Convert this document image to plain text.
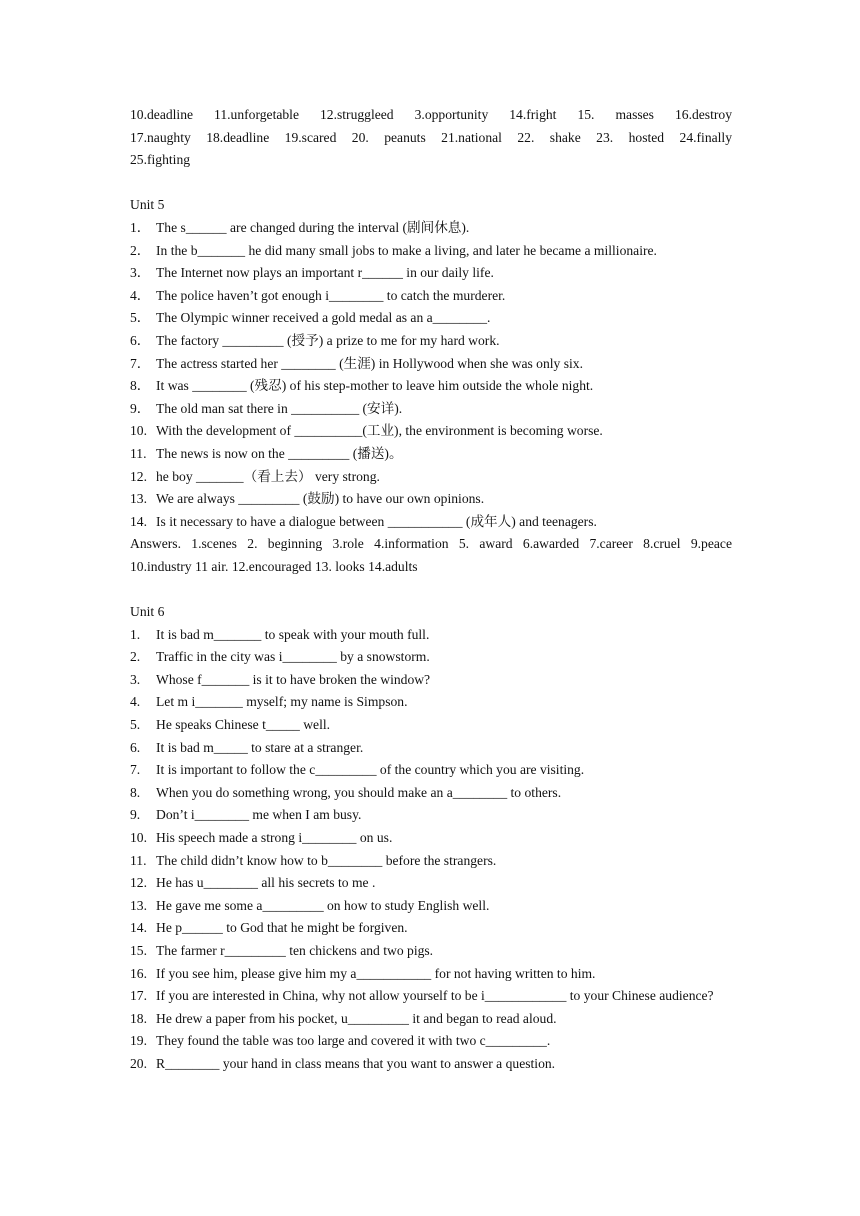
10.deadline 11.unforgetable 12.struggleed 3.opportunity 14.fright 15. masses 16.destroy
17.naughty 18.deadline 19.scared 20. peanuts 21.national 22. shake 23. hosted 24.finally
25.fighting
Unit 5
1． The s______ are changed during the interval (剧间休息).
2． In the b_______ he did many small jobs to make a living, and later he became a millionaire.
3． The Internet now plays an important r______ in our daily life.
4． The police haven’t got enough i________ to catch the murderer.
5． The Olympic winner received a gold medal as an a________.
6． The factory _________ (授予) a prize to me for my hard work.
7． The actress started her ________ (生涯) in Hollywood when she was only six.
8． It was ________ (残忍) of his step-mother to leave him outside the whole night.
9． The old man sat there in __________ (安详).
10. With the development of __________(工业), the environment is becoming worse.
11. The news is now on the _________ (播送)。
12. he boy _______（看上去） very strong.
13. We are always _________ (鼓励) to have our own opinions.
14. Is it necessary to have a dialogue between ___________ (成年人) and teenagers.
Answers. 1.scenes 2. beginning 3.role 4.information 5. award 6.awarded 7.career 8.cruel 9.peace
10.industry 11 air. 12.encouraged 13. looks 14.adults
Unit 6
1.	It is bad m_______ to speak with your mouth full.
2.	Traffic in the city was i________ by a snowstorm.
3.	Whose f_______ is it to have broken the window?
4.	Let m i_______ myself; my name is Simpson.
5.	He speaks Chinese t_____ well.
6.	It is bad m_____ to stare at a stranger.
7.	It is important to follow the c_________ of the country which you are visiting.
8.	When you do something wrong, you should make an a________ to others.
9.	Don’t i________ me when I am busy.
10. His speech made a strong i________ on us.
11. The child didn’t know how to b________ before the strangers.
12. He has u________ all his secrets to me .
13. He gave me some a_________ on how to study English well.
14. He p______ to God that he might be forgiven.
15. The farmer r_________ ten chickens and two pigs.
16. If you see him, please give him my a___________ for not having written to him.
17. If you are interested in China, why not allow yourself to be i____________ to your Chinese audience?
18. He drew a paper from his pocket, u_________ it and began to read aloud.
19. They found the table was too large and covered it with two c_________.
20. R________ your hand in class means that you want to answer a question.
